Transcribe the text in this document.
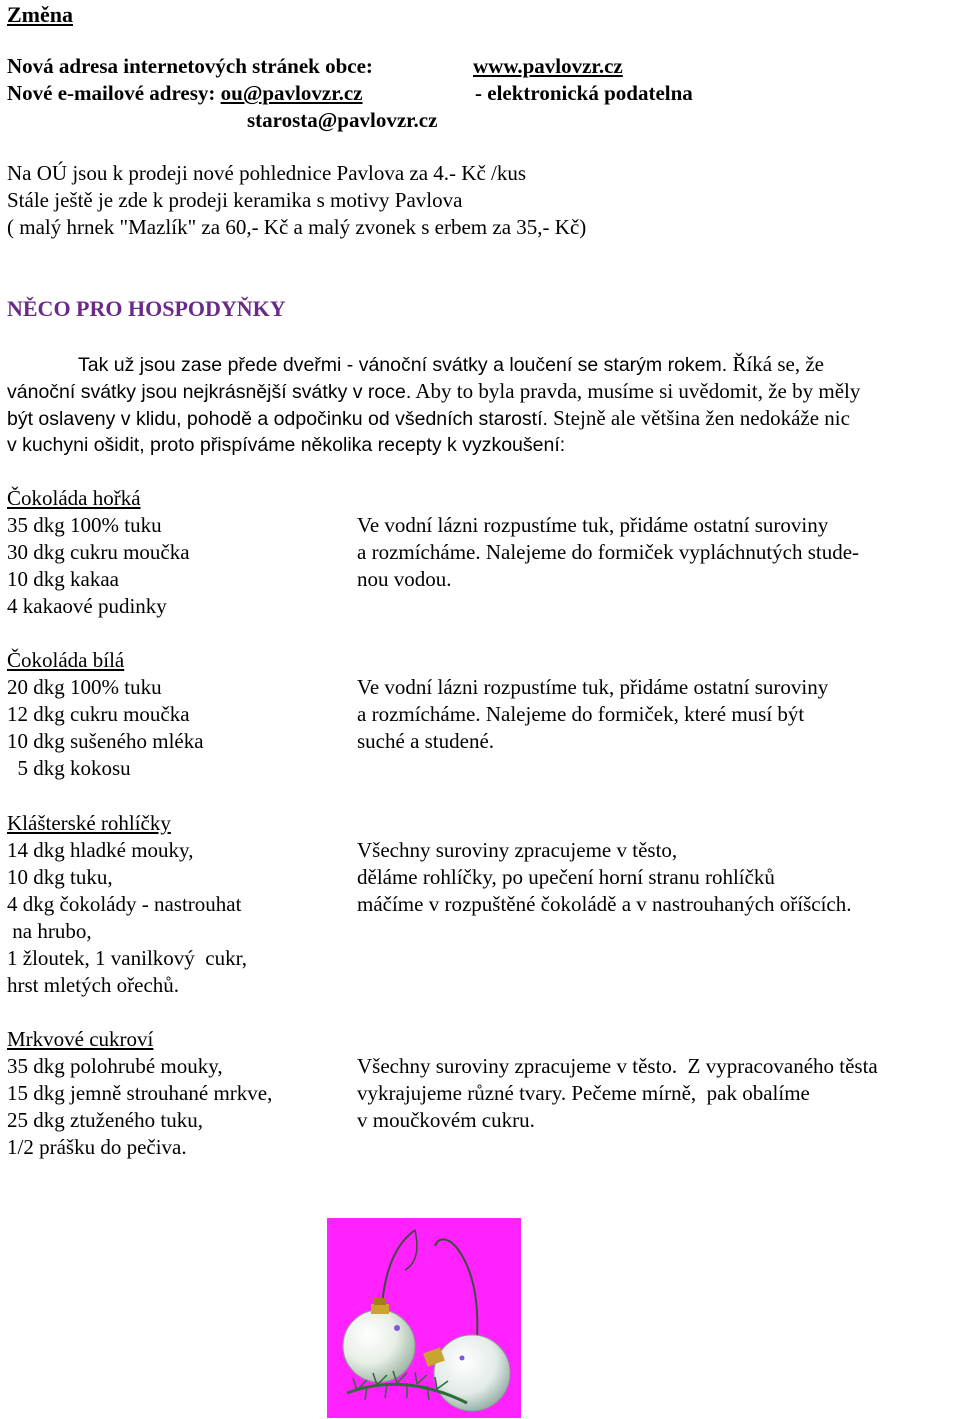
Změna
Nová adresa internetových stránek obce:	www.pavlovzr.cz
Nové e-mailové adresy: ou@pavlovzr.cz	- elektronická podatelna
starosta@pavlovzr.cz
Na OÚ jsou k prodeji nové pohlednice Pavlova za 4.- Kč /kus
Stále ještě je zde k prodeji keramika s motivy Pavlova
( malý hrnek "Mazlík" za 60,- Kč a malý zvonek s erbem za 35,- Kč)
NĚCO PRO HOSPODYŇKY
Tak už jsou zase přede dveřmi - vánoční svátky a loučení se starým rokem. Říká se, že
vánoční svátky jsou nejkrásnější svátky v roce. Aby to byla pravda, musíme si uvědomit, že by měly
být oslaveny v klidu, pohodě a odpočinku od všedních starostí. Stejně ale většina žen nedokáže nic
v kuchyni ošidit, proto přispíváme několika recepty k vyzkoušení:
Čokoláda hořká
35 dkg 100% tuku
30 dkg cukru moučka
10 dkg kakaa
4 kakaové pudinky
Ve vodní lázni rozpustíme tuk, přidáme ostatní suroviny
a rozmícháme. Nalejeme do formiček vypláchnutých stude-
nou vodou.
Čokoláda bílá
20 dkg 100% tuku
12 dkg cukru moučka
10 dkg sušeného mléka
5 dkg kokosu
Ve vodní lázni rozpustíme tuk, přidáme ostatní suroviny
a rozmícháme. Nalejeme do formiček, které musí být
suché a studené.
Klášterské rohlíčky
14 dkg hladké mouky,
10 dkg tuku,
4 dkg čokolády - nastrouhat
na hrubo,
1 žloutek, 1 vanilkový  cukr,
hrst mletých ořechů.
Všechny suroviny zpracujeme v těsto,
děláme rohlíčky, po upečení horní stranu rohlíčků
máčíme v rozpuštěné čokoládě a v nastrouhaných oříšcích.
Mrkvové cukroví
35 dkg polohrubé mouky,
15 dkg jemně strouhané mrkve,
25 dkg ztuženého tuku,
1/2 prášku do pečiva.
Všechny suroviny zpracujeme v těsto.  Z vypracovaného těsta
vykrajujeme různé tvary. Pečeme mírně,  pak obalíme
v moučkovém cukru.
